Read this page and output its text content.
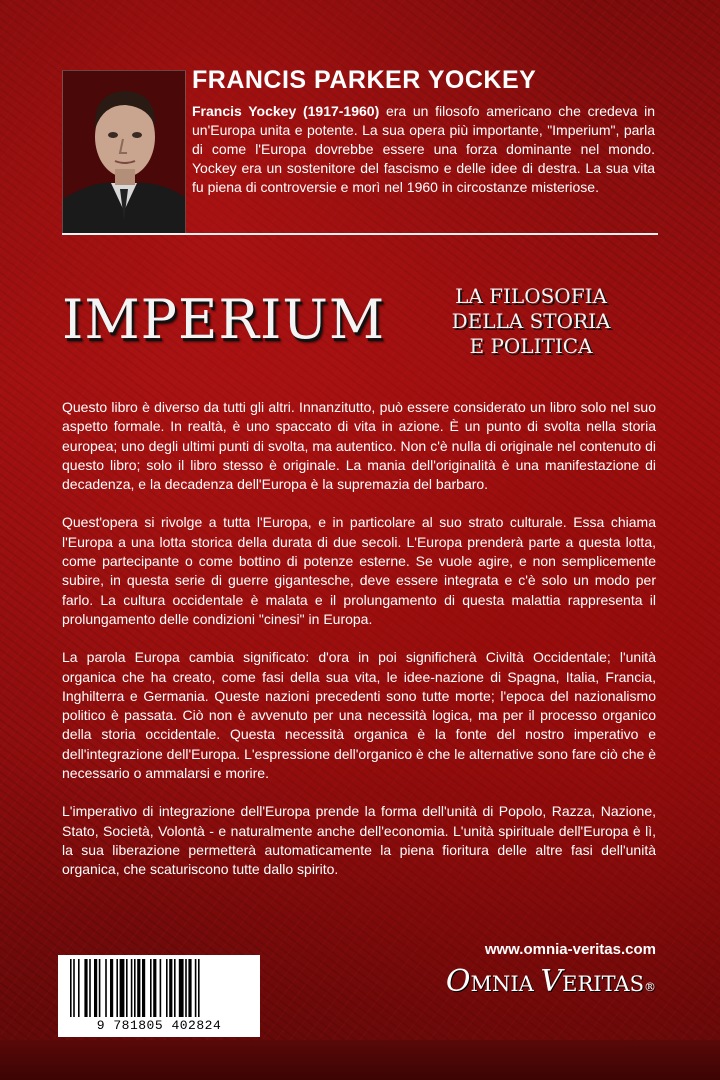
FRANCIS PARKER YOCKEY
Francis Yockey (1917-1960) era un filosofo americano che credeva in un'Europa unita e potente. La sua opera più importante, "Imperium", parla di come l'Europa dovrebbe essere una forza dominante nel mondo. Yockey era un sostenitore del fascismo e delle idee di destra. La sua vita fu piena di controversie e morì nel 1960 in circostanze misteriose.
IMPERIUM	LA FILOSOFIA
DELLA STORIA
E POLITICA

Questo libro è diverso da tutti gli altri. Innanzitutto, può essere considerato un libro solo nel suo aspetto formale. In realtà, è uno spaccato di vita in azione. È un punto di svolta nella storia europea; uno degli ultimi punti di svolta, ma autentico. Non c'è nulla di originale nel contenuto di questo libro; solo il libro stesso è originale. La mania dell'originalità è una manifestazione di decadenza, e la decadenza dell'Europa è la supremazia del barbaro.

Quest'opera si rivolge a tutta l'Europa, e in particolare al suo strato culturale. Essa chiama l'Europa a una lotta storica della durata di due secoli. L'Europa prenderà parte a questa lotta, come partecipante o come bottino di potenze esterne. Se vuole agire, e non semplicemente subire, in questa serie di guerre gigantesche, deve essere integrata e c'è solo un modo per farlo. La cultura occidentale è malata e il prolungamento di questa malattia rappresenta il prolungamento delle condizioni "cinesi" in Europa.

La parola Europa cambia significato: d'ora in poi significherà Civiltà Occidentale; l'unità organica che ha creato, come fasi della sua vita, le idee-nazione di Spagna, Italia, Francia, Inghilterra e Germania. Queste nazioni precedenti sono tutte morte; l'epoca del nazionalismo politico è passata. Ciò non è avvenuto per una necessità logica, ma per il processo organico della storia occidentale. Questa necessità organica è la fonte del nostro imperativo e dell'integrazione dell'Europa. L'espressione dell'organico è che le alternative sono fare ciò che è necessario o ammalarsi e morire.

L'imperativo di integrazione dell'Europa prende la forma dell'unità di Popolo, Razza, Nazione, Stato, Società, Volontà - e naturalmente anche dell'economia. L'unità spirituale dell'Europa è lì, la sua liberazione permetterà automaticamente la piena fioritura delle altre fasi dell'unità organica, che scaturiscono tutte dallo spirito.

www.omnia-veritas.com
OMNIA VERITAS®
9 781805 402824
